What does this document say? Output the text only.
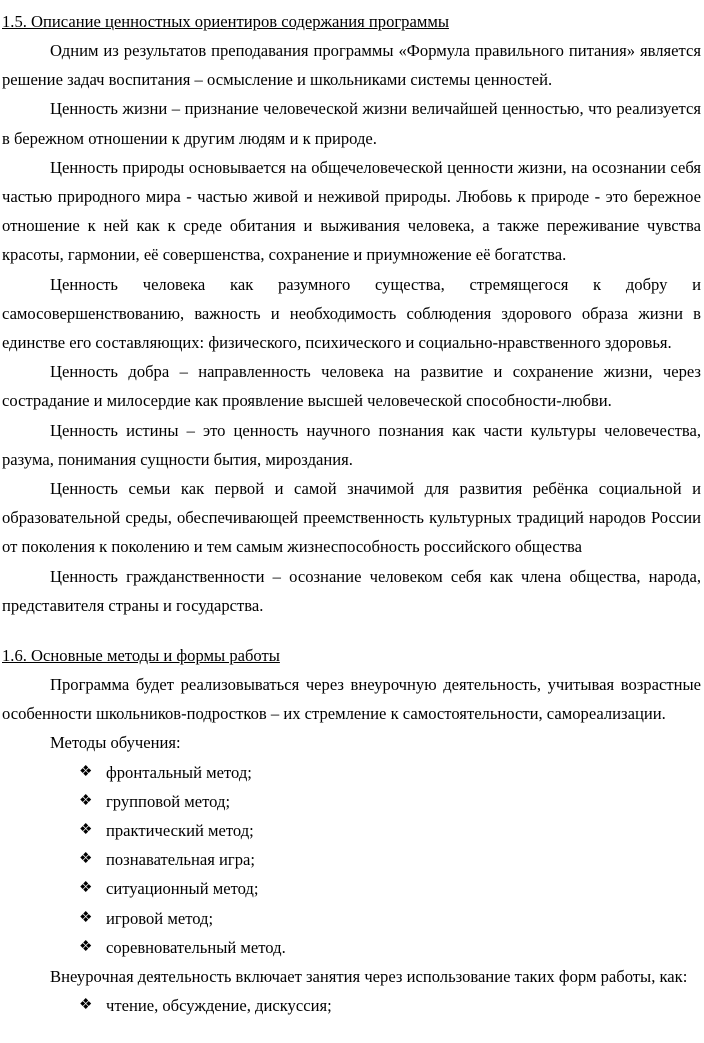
1.5. Описание ценностных ориентиров содержания программы

Одним из результатов преподавания программы «Формула правильного питания» является решение задач воспитания – осмысление и школьниками системы ценностей.

Ценность жизни – признание человеческой жизни величайшей ценностью, что реализуется в бережном отношении к другим людям и к природе.

Ценность природы основывается на общечеловеческой ценности жизни, на осознании себя частью природного мира - частью живой и неживой природы. Любовь к природе - это бережное отношение к ней как к среде обитания и выживания человека, а также переживание чувства красоты, гармонии, её совершенства, сохранение и приумножение её богатства.

Ценность человека как разумного существа, стремящегося к добру и самосовершенствованию, важность и необходимость соблюдения здорового образа жизни в единстве его составляющих: физического, психического и социально-нравственного здоровья.

Ценность добра – направленность человека на развитие и сохранение жизни, через сострадание и милосердие как проявление высшей человеческой способности-любви.

Ценность истины – это ценность научного познания как части культуры человечества, разума, понимания сущности бытия, мироздания.

Ценность семьи как первой и самой значимой для развития ребёнка социальной и образовательной среды, обеспечивающей преемственность культурных традиций народов России от поколения к поколению и тем самым жизнеспособность российского общества

Ценность гражданственности – осознание человеком себя как члена общества, народа, представителя страны и государства.

1.6. Основные методы и формы работы

Программа будет реализовываться через внеурочную деятельность, учитывая возрастные особенности школьников-подростков – их стремление к самостоятельности, самореализации.

Методы обучения:

❖ фронтальный метод;
❖ групповой метод;
❖ практический метод;
❖ познавательная игра;
❖ ситуационный метод;
❖ игровой метод;
❖ соревновательный метод.

Внеурочная деятельность включает занятия через использование таких форм работы, как:

❖ чтение, обсуждение, дискуссия;
